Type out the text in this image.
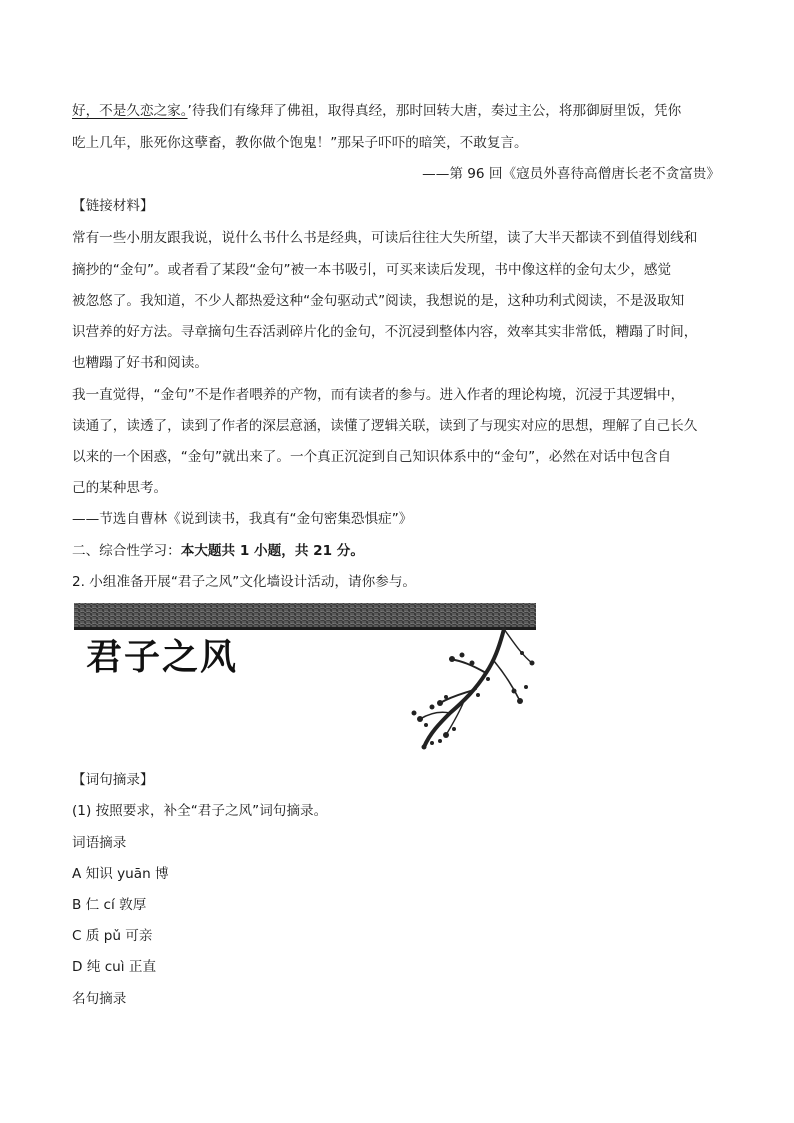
好，不是久恋之家。’待我们有缘拜了佛祖，取得真经，那时回转大唐，奏过主公，将那御厨里饭，凭你
吃上几年，胀死你这孽畜，教你做个饱鬼！”那呆子吓吓的暗笑，不敢复言。
——第 96 回《寇员外喜待高僧唐长老不贪富贵》
【链接材料】
常有一些小朋友跟我说，说什么书什么书是经典，可读后往往大失所望，读了大半天都读不到值得划线和
摘抄的“金句”。或者看了某段“金句”被一本书吸引，可买来读后发现，书中像这样的金句太少，感觉
被忽悠了。我知道，不少人都热爱这种“金句驱动式”阅读，我想说的是，这种功利式阅读，不是汲取知
识营养的好方法。寻章摘句生吞活剥碎片化的金句，不沉浸到整体内容，效率其实非常低，糟蹋了时间，
也糟蹋了好书和阅读。
我一直觉得，“金句”不是作者喂养的产物，而有读者的参与。进入作者的理论构境，沉浸于其逻辑中，
读通了，读透了，读到了作者的深层意涵，读懂了逻辑关联，读到了与现实对应的思想，理解了自己长久
以来的一个困惑，“金句”就出来了。一个真正沉淀到自己知识体系中的“金句”，必然在对话中包含自
己的某种思考。
——节选自曹林《说到读书，我真有“金句密集恐惧症”》
二、综合性学习：本大题共 1 小题，共 21 分。
2. 小组准备开展“君子之风”文化墙设计活动，请你参与。
君子之风
【词句摘录】
(1) 按照要求，补全“君子之风”词句摘录。
词语摘录
A 知识 yuān 博
B 仁 cí 敦厚
C 质 pǔ 可亲
D 纯 cuì 正直
名句摘录
